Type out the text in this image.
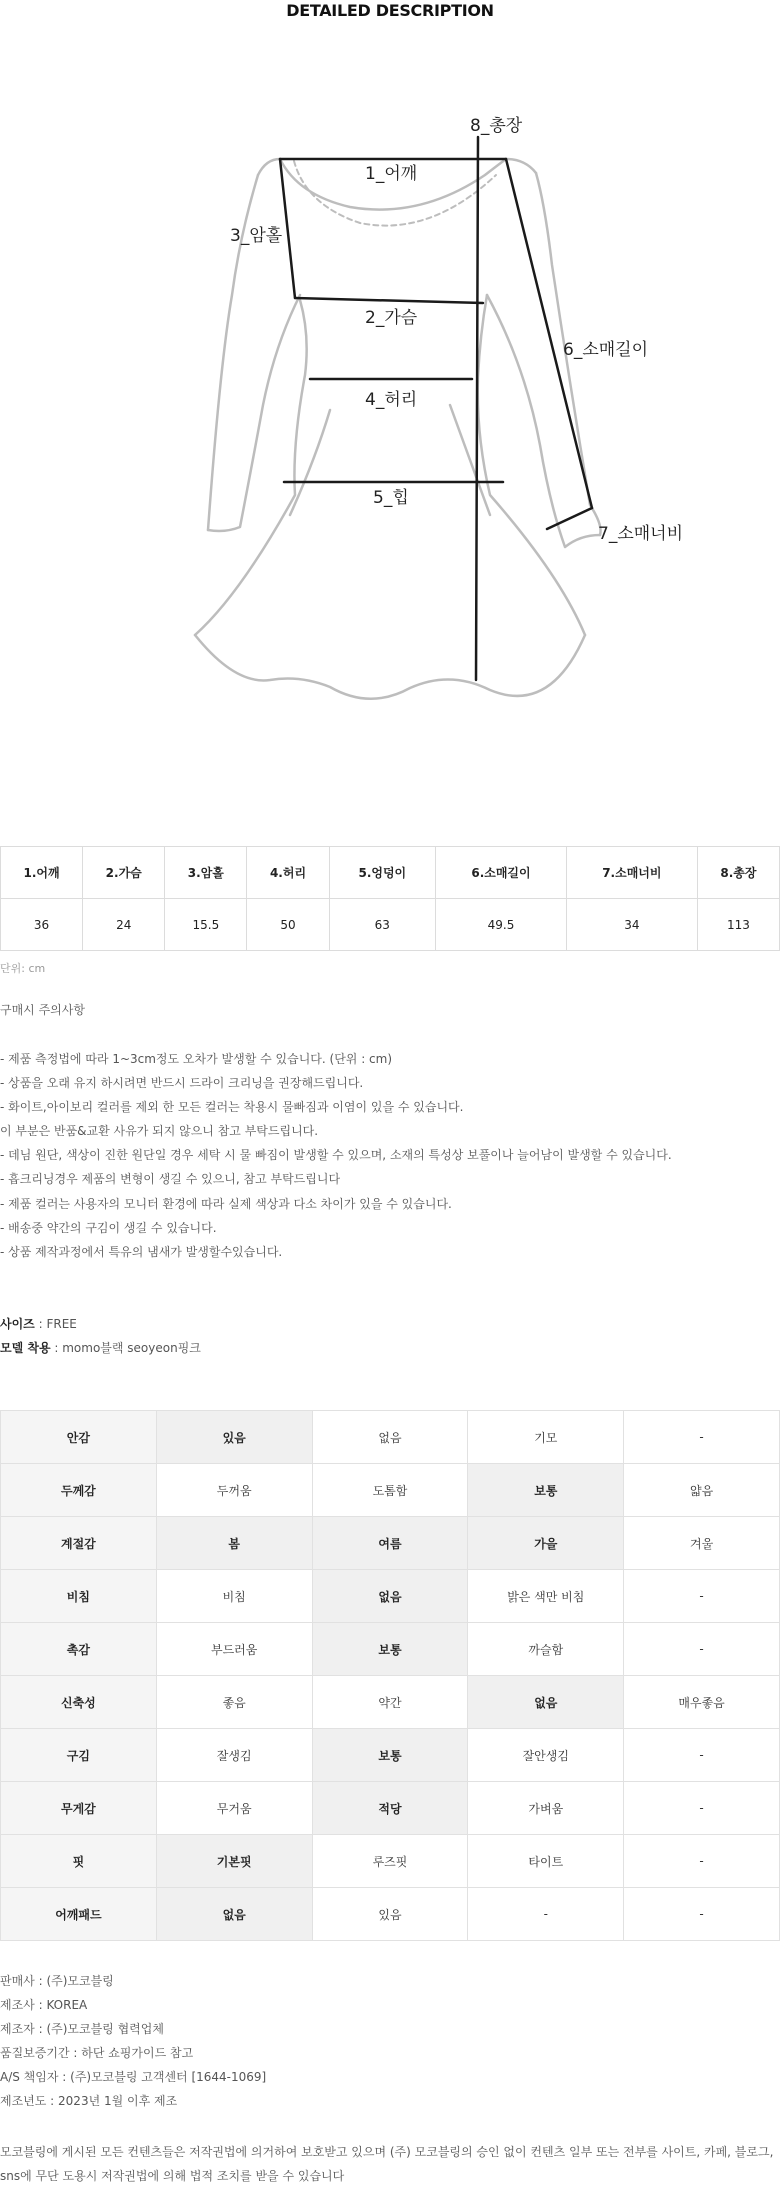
DETAILED DESCRIPTION
1_어깨
2_가슴
3_암홀
4_허리
5_힙
6_소매길이
7_소매너비
8_총장
1.어깨	2.가슴	3.암홀	4.허리	5.엉덩이	6.소매길이	7.소매너비	8.총장
36	24	15.5	50	63	49.5	34	113
단위: cm
구매시 주의사항
- 제품 측정법에 따라 1~3cm정도 오차가 발생할 수 있습니다. (단위 : cm)
- 상품을 오래 유지 하시려면 반드시 드라이 크리닝을 권장해드립니다.
- 화이트,아이보리 컬러를 제외 한 모든 컬러는 착용시 물빠짐과 이염이 있을 수 있습니다.
이 부분은 반품&교환 사유가 되지 않으니 참고 부탁드립니다.
- 데님 원단, 색상이 진한 원단일 경우 세탁 시 물 빠짐이 발생할 수 있으며, 소재의 특성상 보풀이나 늘어남이 발생할 수 있습니다.
- 흡크리닝경우 제품의 변형이 생길 수 있으니, 참고 부탁드립니다
- 제품 컬러는 사용자의 모니터 환경에 따라 실제 색상과 다소 차이가 있을 수 있습니다.
- 배송중 약간의 구김이 생길 수 있습니다.
- 상품 제작과정에서 특유의 냄새가 발생할수있습니다.
사이즈 : FREE
모델 착용 : momo블랙 seoyeon핑크
안감	있음	없음	기모	-
두께감	두꺼움	도톰함	보통	얇음
계절감	봄	여름	가을	겨울
비침	비침	없음	밝은 색만 비침	-
촉감	부드러움	보통	까슬함	-
신축성	좋음	약간	없음	매우좋음
구김	잘생김	보통	잘안생김	-
무게감	무거움	적당	가벼움	-
핏	기본핏	루즈핏	타이트	-
어깨패드	없음	있음	-	-
판매사 : (주)모코블링
제조사 : KOREA
제조자 : (주)모코블링 협력업체
품질보증기간 : 하단 쇼핑가이드 참고
A/S 책임자 : (주)모코블링 고객센터 [1644-1069]
제조년도 : 2023년 1월 이후 제조
모코블링에 게시된 모든 컨텐츠들은 저작권법에 의거하여 보호받고 있으며 (주) 모코블링의 승인 없이 컨텐츠 일부 또는 전부를 사이트, 카페, 블로그, sns에 무단 도용시 저작권법에 의해 법적 조치를 받을 수 있습니다
